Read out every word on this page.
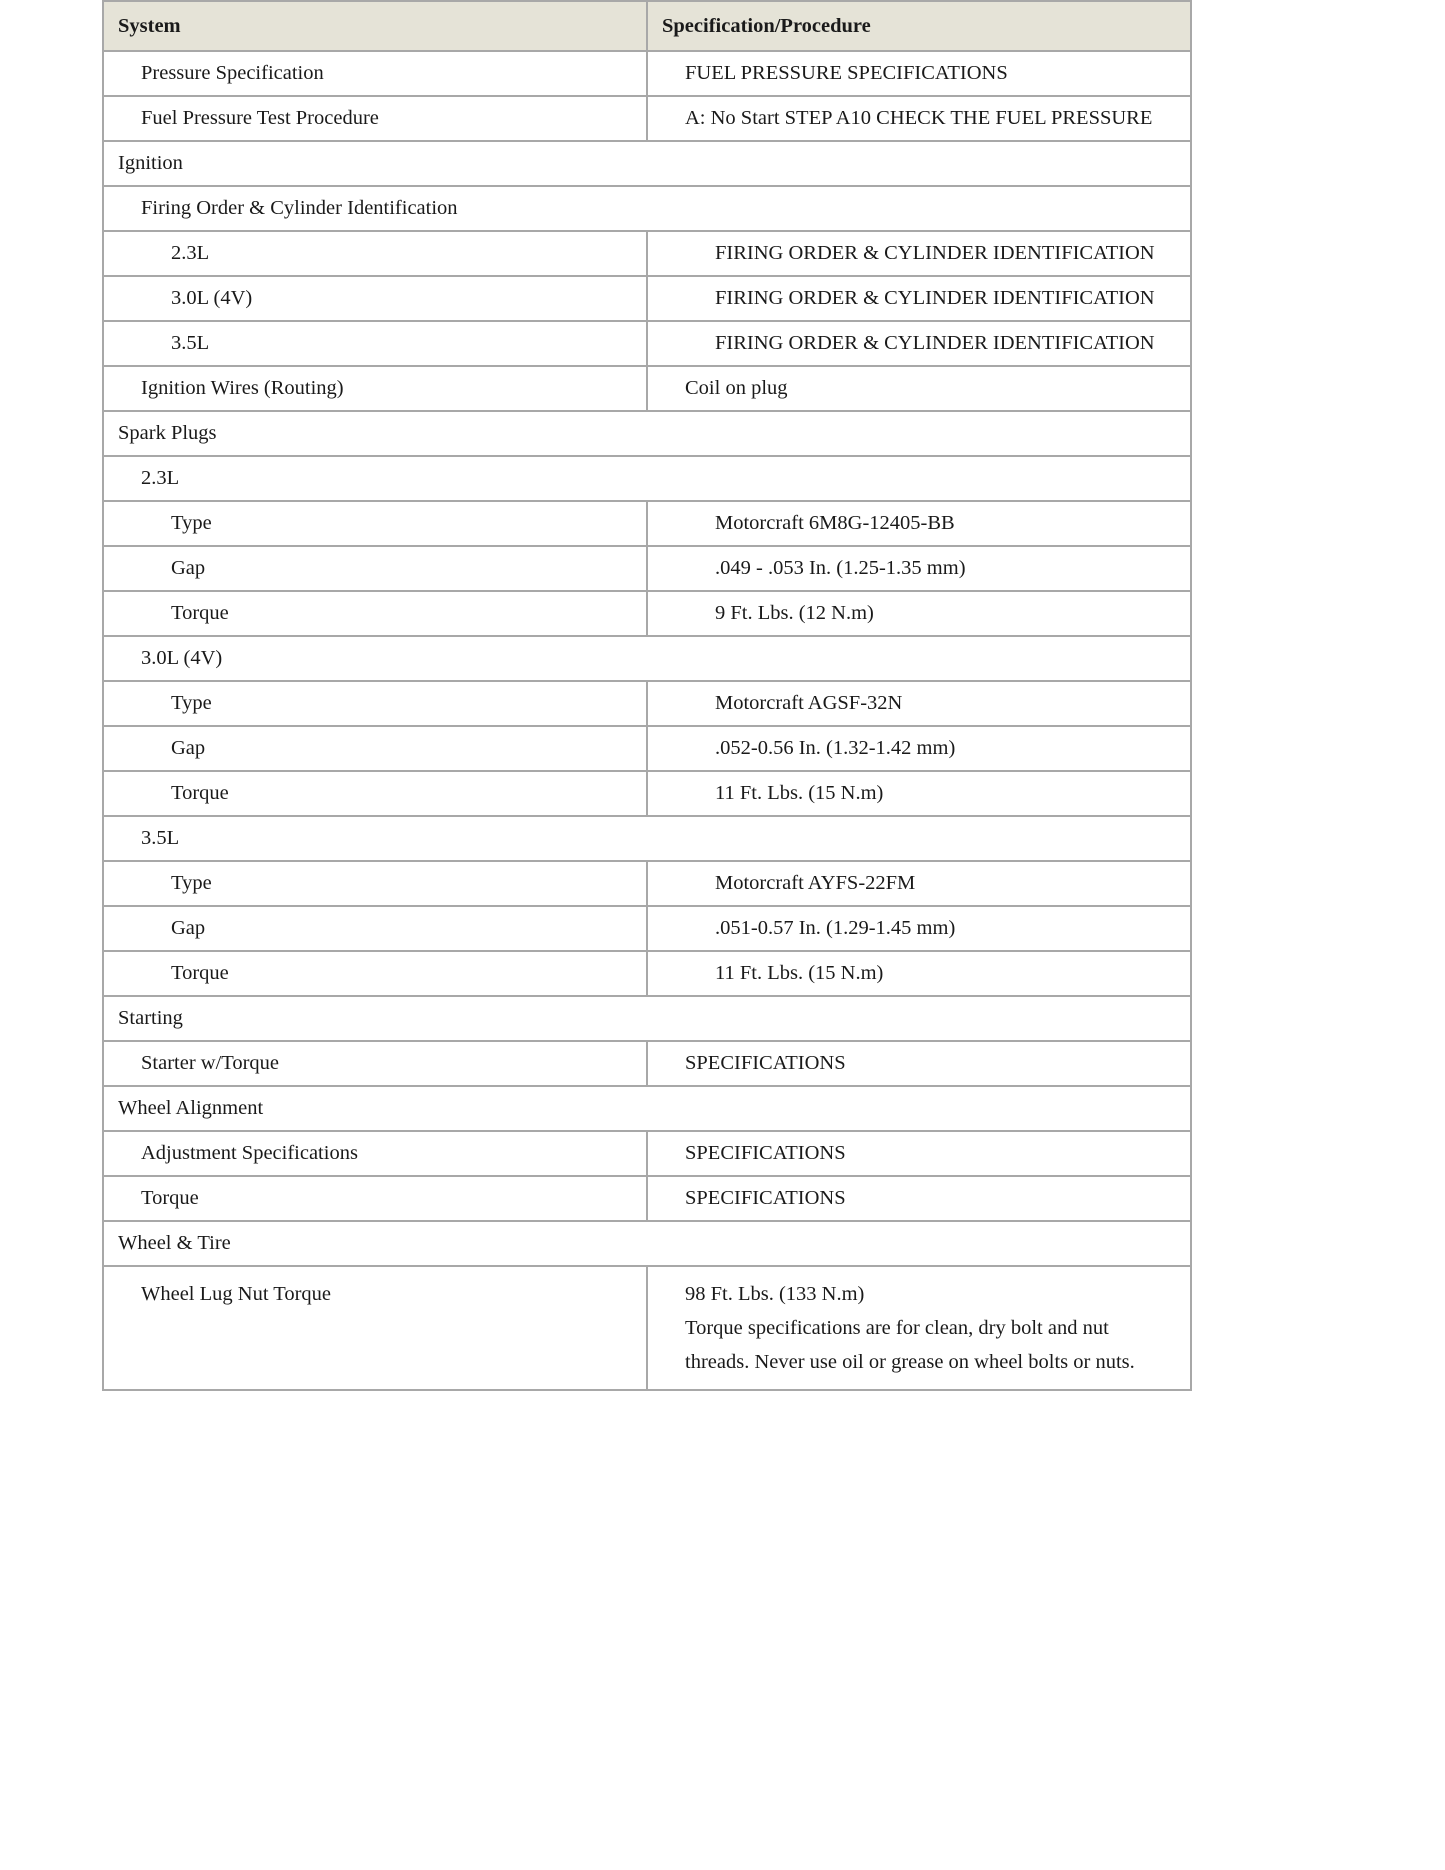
System	Specification/Procedure
Pressure Specification	FUEL PRESSURE SPECIFICATIONS
Fuel Pressure Test Procedure	A: No Start STEP A10 CHECK THE FUEL PRESSURE
Ignition	
Firing Order & Cylinder Identification	
2.3L	FIRING ORDER & CYLINDER IDENTIFICATION
3.0L (4V)	FIRING ORDER & CYLINDER IDENTIFICATION
3.5L	FIRING ORDER & CYLINDER IDENTIFICATION
Ignition Wires (Routing)	Coil on plug
Spark Plugs	
2.3L	
Type	Motorcraft 6M8G-12405-BB
Gap	.049 - .053 In. (1.25-1.35 mm)
Torque	9 Ft. Lbs. (12 N.m)
3.0L (4V)	
Type	Motorcraft AGSF-32N
Gap	.052-0.56 In. (1.32-1.42 mm)
Torque	11 Ft. Lbs. (15 N.m)
3.5L	
Type	Motorcraft AYFS-22FM
Gap	.051-0.57 In. (1.29-1.45 mm)
Torque	11 Ft. Lbs. (15 N.m)
Starting	
Starter w/Torque	SPECIFICATIONS
Wheel Alignment	
Adjustment Specifications	SPECIFICATIONS
Torque	SPECIFICATIONS
Wheel & Tire	
Wheel Lug Nut Torque	98 Ft. Lbs. (133 N.m)
Torque specifications are for clean, dry bolt and nut threads. Never use oil or grease on wheel bolts or nuts.
